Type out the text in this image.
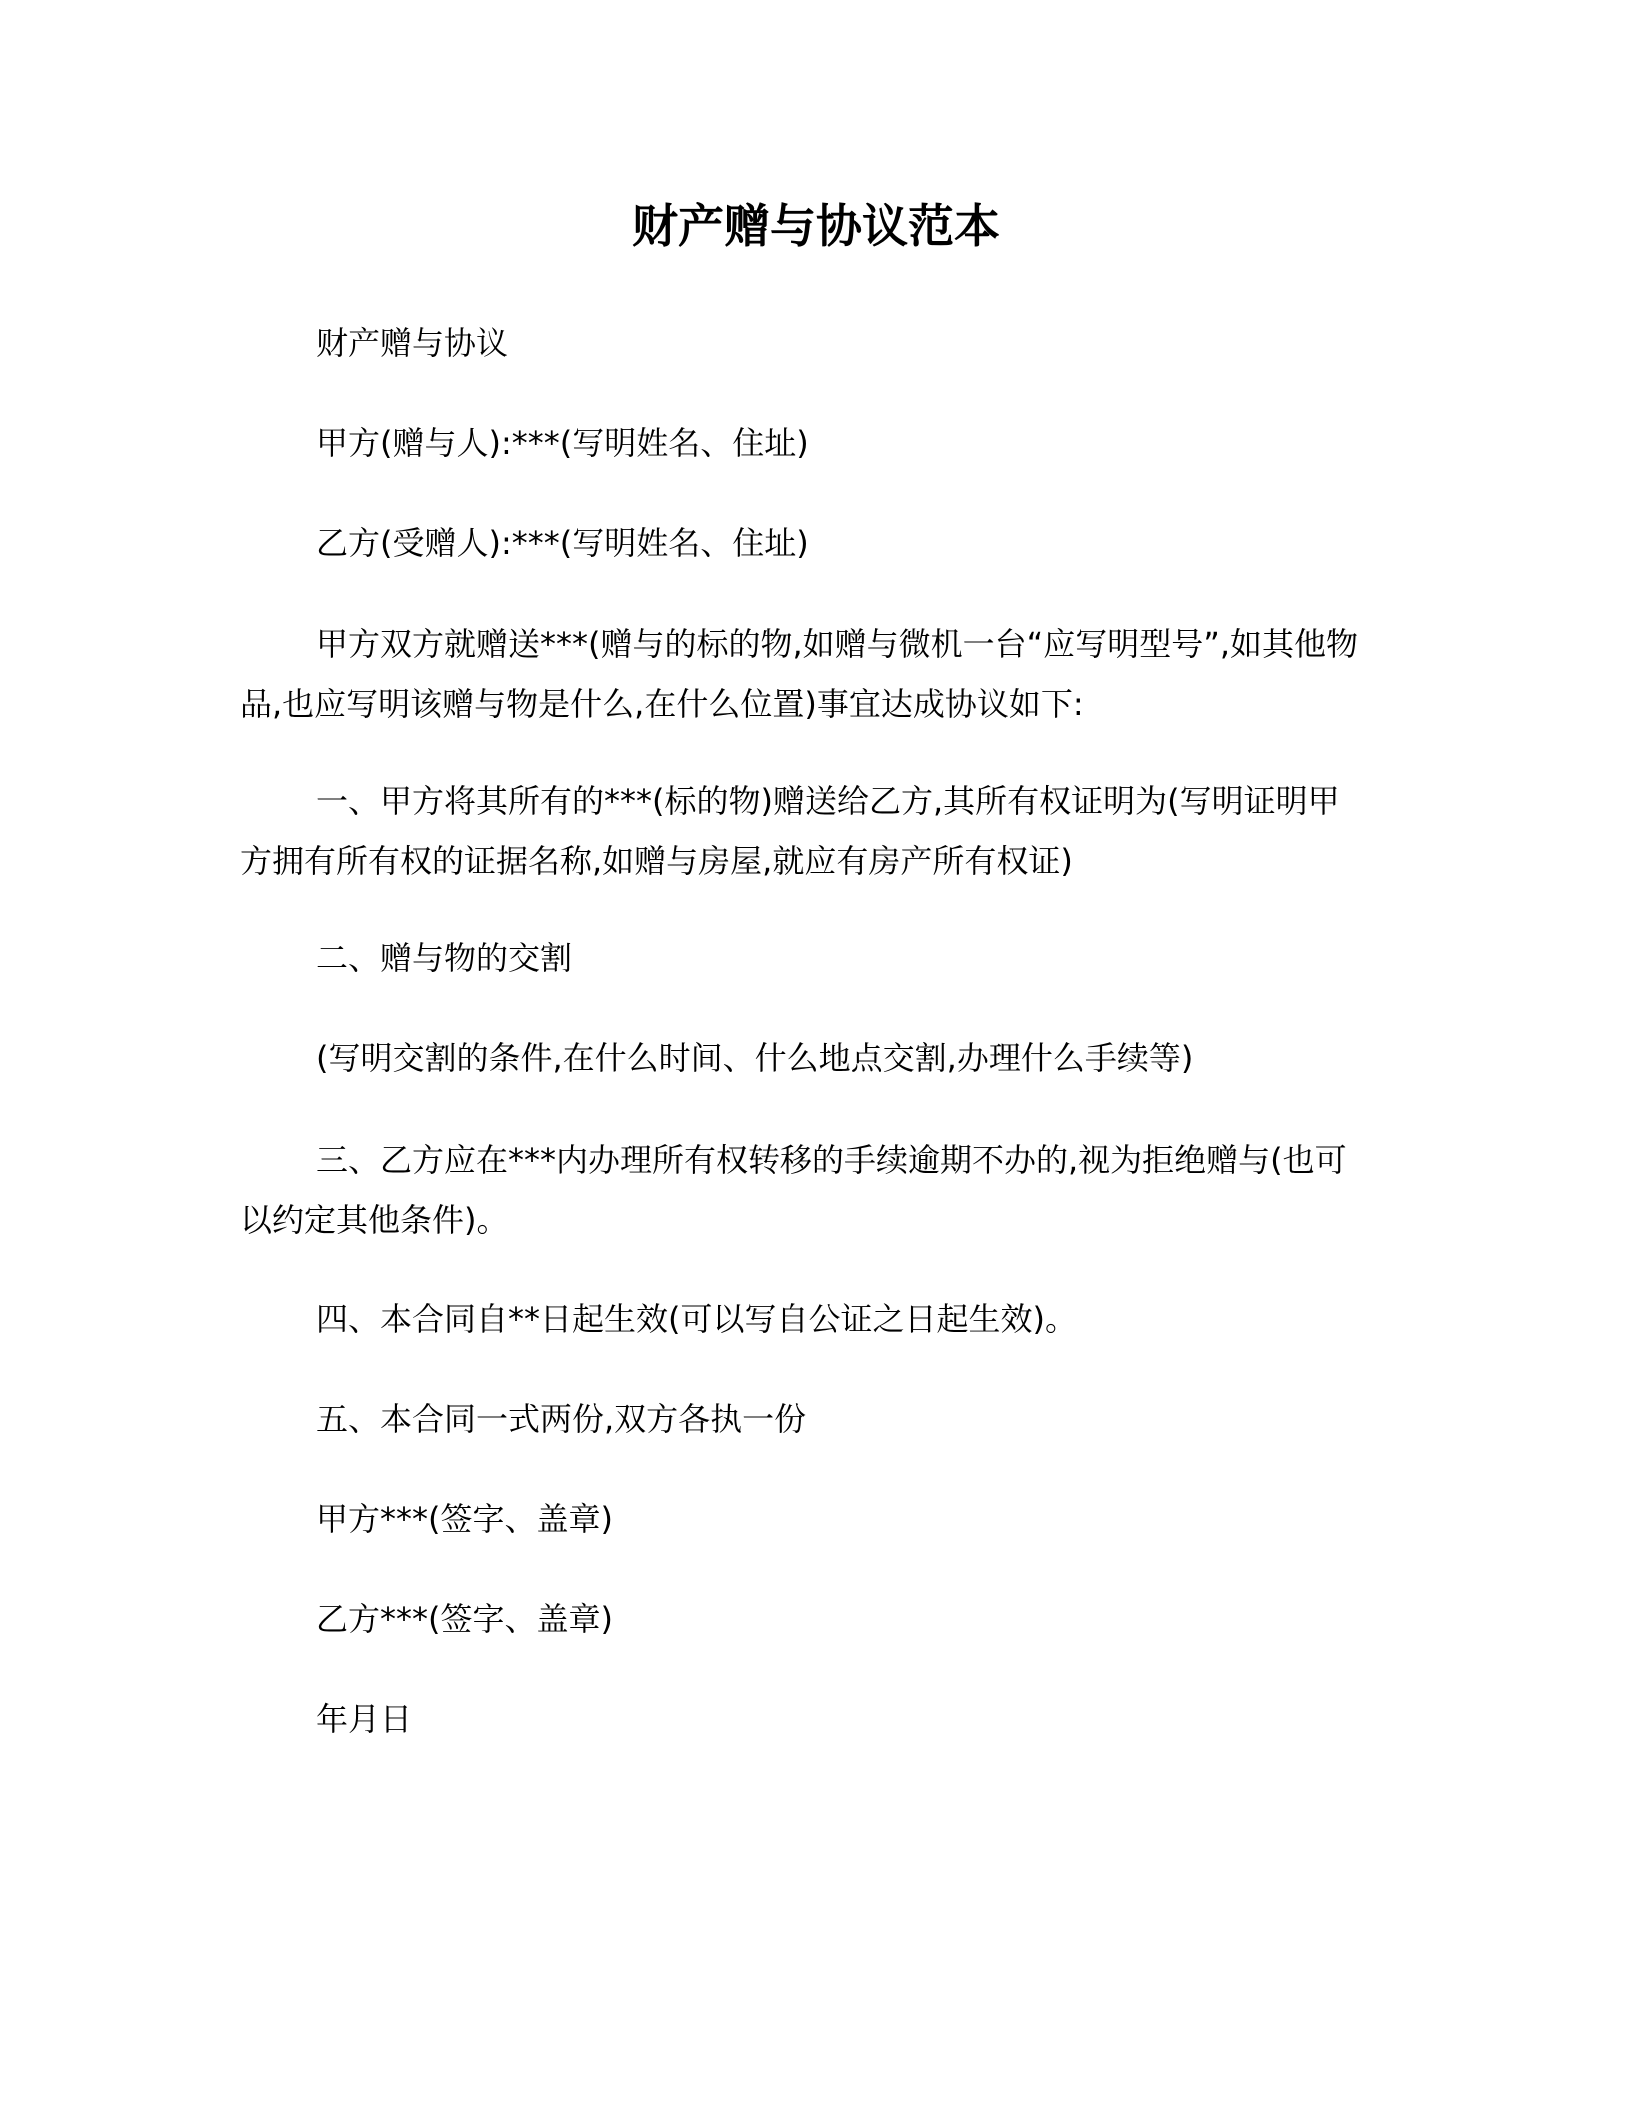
财产赠与协议范本

财产赠与协议

甲方(赠与人):***(写明姓名、住址)

乙方(受赠人):***(写明姓名、住址)

甲方双方就赠送***(赠与的标的物,如赠与微机一台“应写明型号”,如其他物品,也应写明该赠与物是什么,在什么位置)事宜达成协议如下:

一、甲方将其所有的***(标的物)赠送给乙方,其所有权证明为(写明证明甲方拥有所有权的证据名称,如赠与房屋,就应有房产所有权证)

二、赠与物的交割

(写明交割的条件,在什么时间、什么地点交割,办理什么手续等)

三、乙方应在***内办理所有权转移的手续逾期不办的,视为拒绝赠与(也可以约定其他条件)。

四、本合同自**日起生效(可以写自公证之日起生效)。

五、本合同一式两份,双方各执一份

甲方***(签字、盖章)

乙方***(签字、盖章)

年月日
